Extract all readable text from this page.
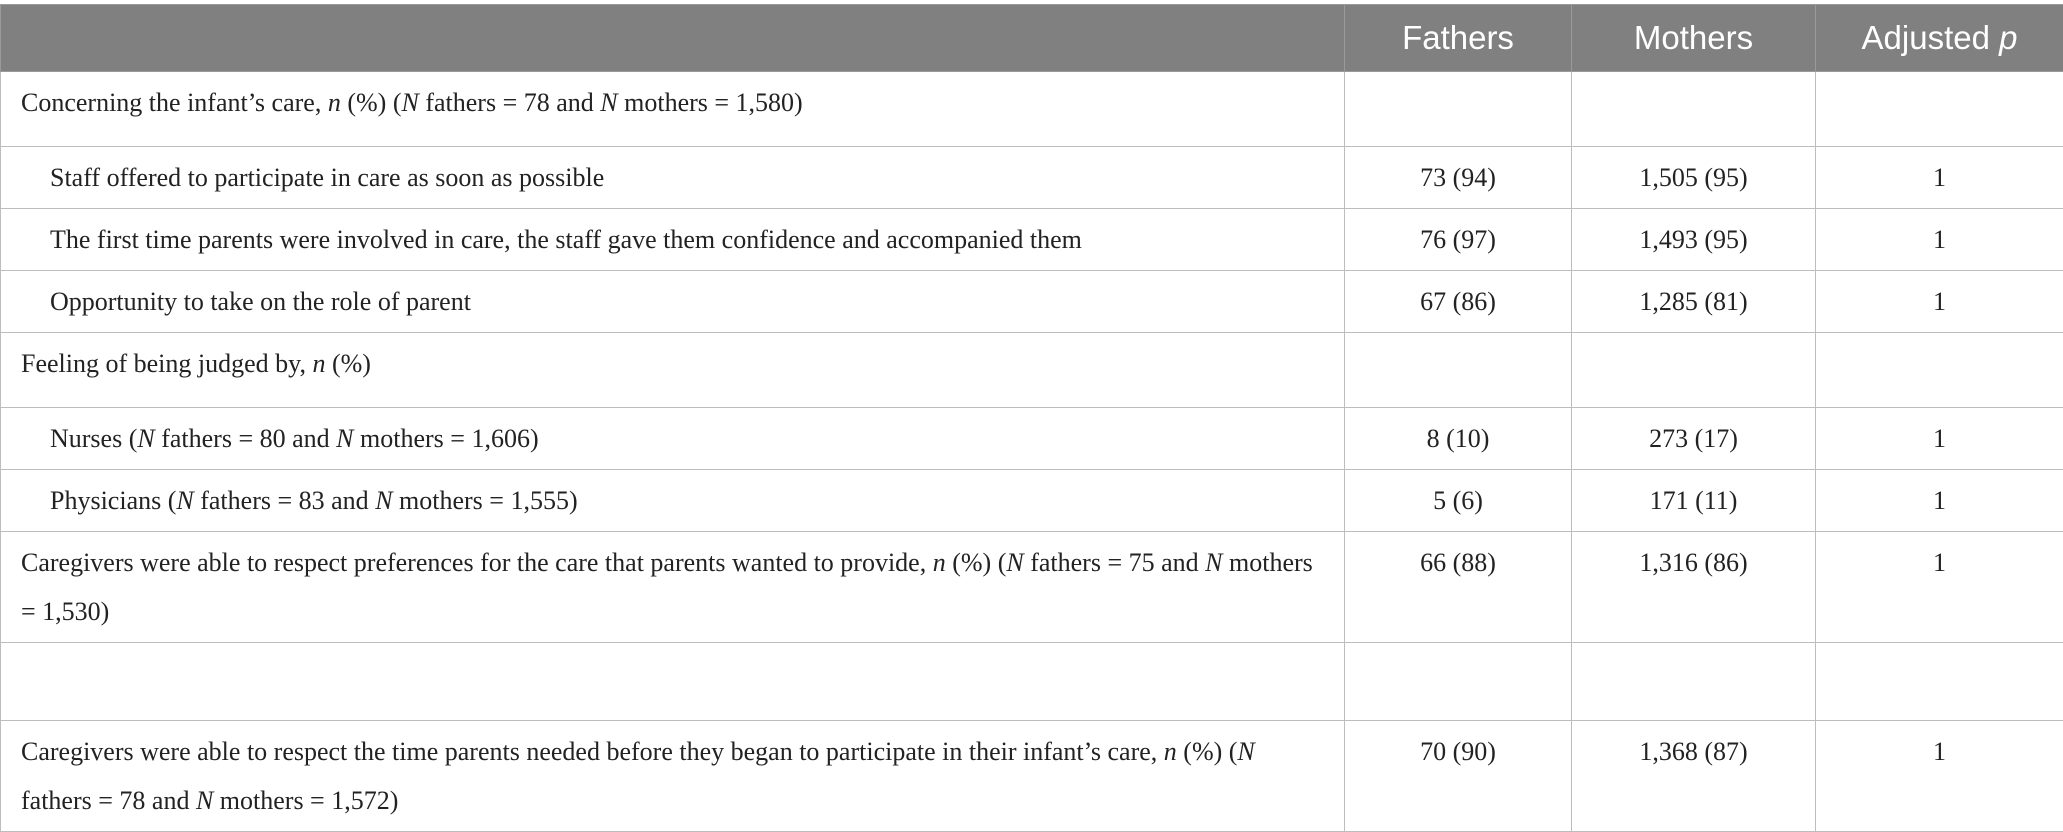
	Fathers	Mothers	Adjusted p

Concerning the infant’s care, n (%) (N fathers = 78 and N mothers = 1,580)			

Staff offered to participate in care as soon as possible	73 (94)	1,505 (95)	1

The first time parents were involved in care, the staff gave them confidence and accompanied them	76 (97)	1,493 (95)	1

Opportunity to take on the role of parent	67 (86)	1,285 (81)	1

Feeling of being judged by, n (%)			

Nurses (N fathers = 80 and N mothers = 1,606)	8 (10)	273 (17)	1

Physicians (N fathers = 83 and N mothers = 1,555)	5 (6)	171 (11)	1

Caregivers were able to respect preferences for the care that parents wanted to provide, n (%) (N fathers = 75 and N mothers = 1,530)	66 (88)	1,316 (86)	1

Caregivers were able to respect the time parents needed before they began to participate in their infant’s care, n (%) (N fathers = 78 and N mothers = 1,572)	70 (90)	1,368 (87)	1
